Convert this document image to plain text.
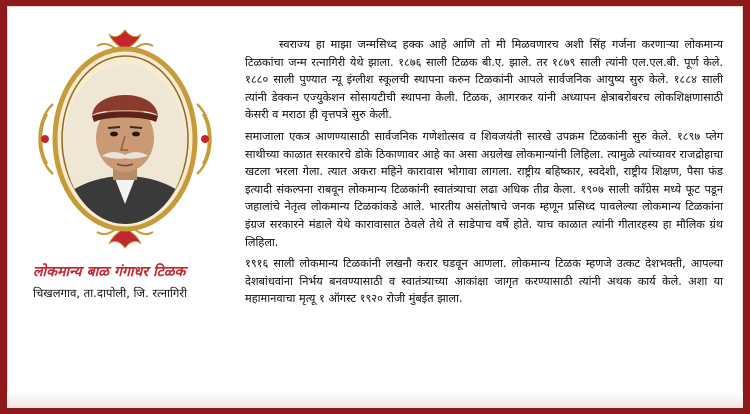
लोकमान्य बाळ गंगाधर टिळक
चिखलगाव, ता.दापोली, जि. रत्नागिरी

स्वराज्य हा माझा जन्मसिध्द हक्क आहे आणि तो मी मिळवणारच अशी सिंह गर्जना करणाऱ्या लोकमान्य टिळकांचा जन्म रत्नागिरी येथे झाला. १८७६ साली टिळक बी.ए. झाले. तर १८७९ साली त्यांनी एल.एल.बी. पूर्ण केले. १८८० साली पुण्यात न्यू इंग्लीश स्कूलची स्थापना करुन टिळकांनी आपले सार्वजनिक आयुष्य सुरु केले. १८८४ साली त्यांनी डेक्कन एज्युकेशन सोसायटीची स्थापना केली. टिळक, आगरकर यांनी अध्यापन क्षेत्राबरोबरच लोकशिक्षणासाठी केसरी व मराठा ही वृत्तपत्रे सुरु केली.

समाजाला एकत्र आणण्यासाठी सार्वजनिक गणेशोत्सव व शिवजयंती सारखे उपक्रम टिळकांनी सुरु केले. १८९७ प्लेग साथीच्या काळात सरकारचे डोके ठिकाणावर आहे का असा अग्रलेख लोकमान्यांनी लिहिला. त्यामुळे त्यांच्यावर राजद्रोहाचा खटला भरला गेला. त्यात अकरा महिने कारावास भोगावा लागला. राष्ट्रीय बहिष्कार, स्वदेशी, राष्ट्रीय शिक्षण, पैसा फंड इत्यादी संकल्पना राबवून लोकमान्य टिळकांनी स्वातंत्र्याचा लढा अधिक तीव्र केला. १९०७ साली कॉंग्रेस मध्ये फूट पडून जहालांचे नेतृत्व लोकमान्य टिळकांकडे आले. भारतीय असंतोषाचे जनक म्हणून प्रसिध्द पावलेल्या लोकमान्य टिळकांना इंग्रज सरकारने मंडाले येथे कारावासात ठेवले तेथे ते साडेपाच वर्षे होते. याच काळात त्यांनी गीतारहस्य हा मौलिक ग्रंथ लिहिला.

१९१६ साली लोकमान्य टिळकांनी लखनौ करार घडवून आणला. लोकमान्य टिळक म्हणजे उत्कट देशभक्ती, आपल्या देशबांधवांना निर्भय बनवण्यासाठी व स्वातंत्र्याच्या आकांक्षा जागृत करण्यासाठी त्यांनी अथक कार्य केले. अशा या महामानवाचा मृत्यू १ ऑगस्ट १९२० रोजी मुंबईत झाला.
